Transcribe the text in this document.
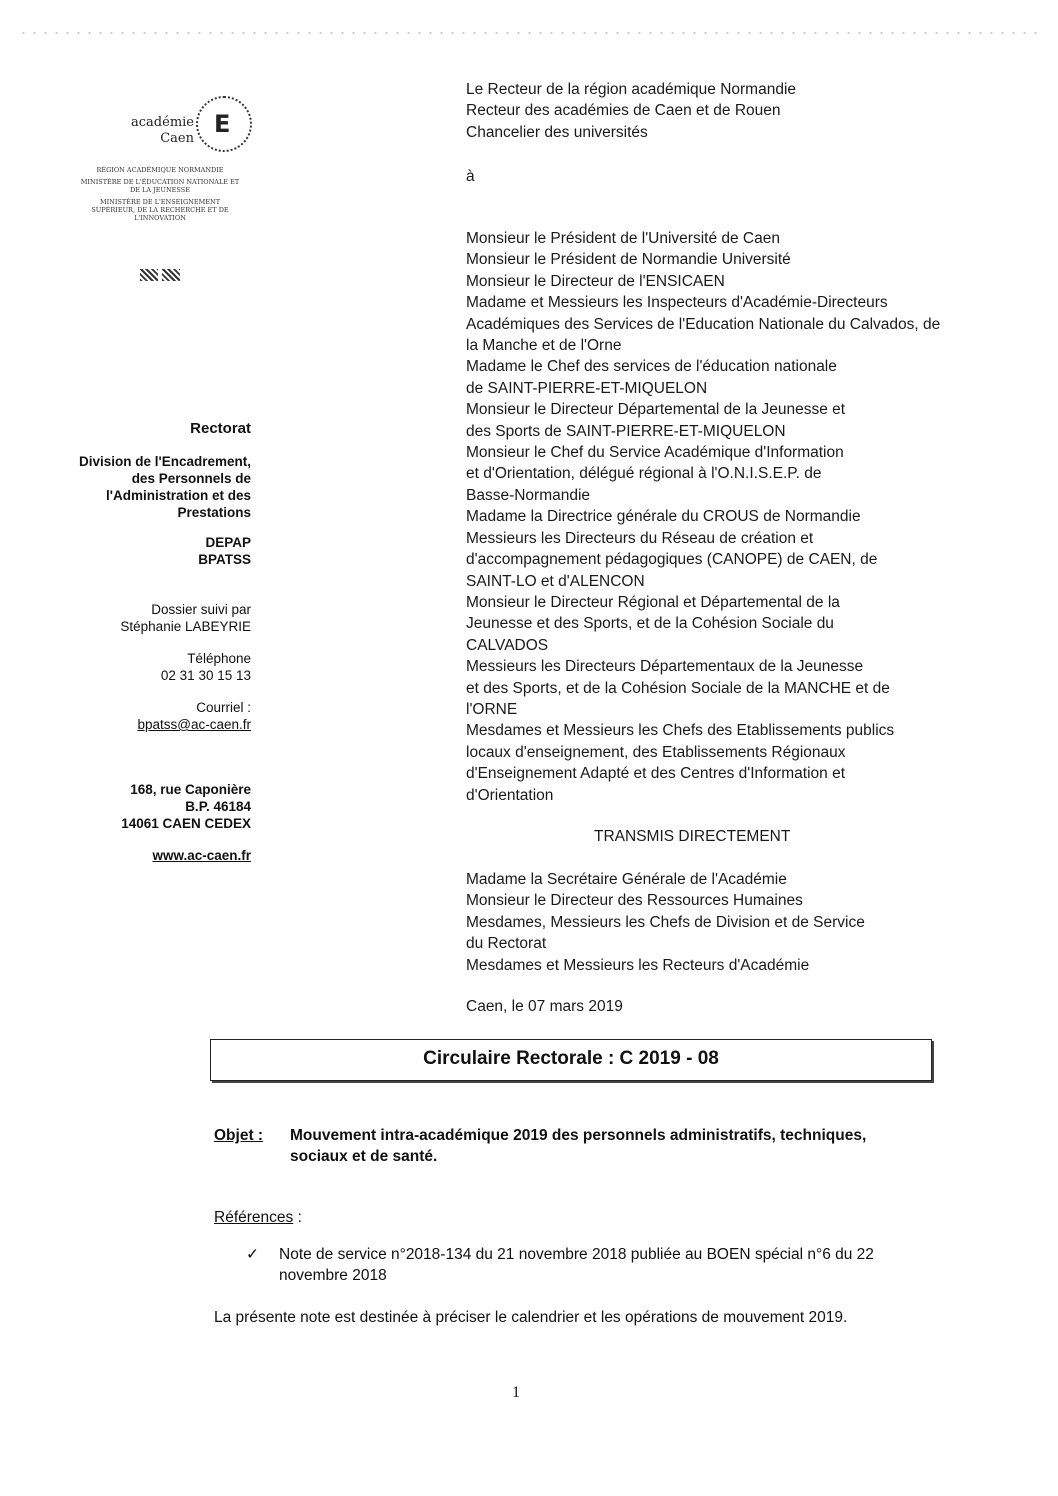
académie
Caen
E
RÉGION ACADÉMIQUE NORMANDIE
MINISTÈRE DE L'ÉDUCATION NATIONALE ET DE LA JEUNESSE
MINISTÈRE DE L'ENSEIGNEMENT SUPÉRIEUR, DE LA RECHERCHE ET DE L'INNOVATION
Rectorat
Division de l'Encadrement,
des Personnels de
l'Administration et des
Prestations
DEPAP
BPATSS
Dossier suivi par
Stéphanie LABEYRIE
Téléphone
02 31 30 15 13
Courriel :
bpatss@ac-caen.fr
168, rue Caponière
B.P. 46184
14061 CAEN CEDEX
www.ac-caen.fr
Le Recteur de la région académique Normandie
Recteur des académies de Caen et de Rouen
Chancelier des universités
à
Monsieur le Président de l'Université de Caen
Monsieur le Président de Normandie Université
Monsieur le Directeur de l'ENSICAEN
Madame et Messieurs les Inspecteurs d'Académie-Directeurs
Académiques des Services de l'Education Nationale du Calvados, de
la Manche et de l'Orne
Madame le Chef des services de l'éducation nationale
de SAINT-PIERRE-ET-MIQUELON
Monsieur le Directeur Départemental de la Jeunesse et
des Sports de SAINT-PIERRE-ET-MIQUELON
Monsieur le Chef du Service Académique d'Information
et d'Orientation, délégué régional à l'O.N.I.S.E.P. de
Basse-Normandie
Madame la Directrice générale du CROUS de Normandie
Messieurs les Directeurs du Réseau de création et
d'accompagnement pédagogiques (CANOPE) de CAEN, de
SAINT-LO et d'ALENCON
Monsieur le Directeur Régional et Départemental de la
Jeunesse et des Sports, et de la Cohésion Sociale du
CALVADOS
Messieurs les Directeurs Départementaux de la Jeunesse
et des Sports, et de la Cohésion Sociale de la MANCHE et de
l'ORNE
Mesdames et Messieurs les Chefs des Etablissements publics
locaux d'enseignement, des Etablissements Régionaux
d'Enseignement Adapté et des Centres d'Information et
d'Orientation
TRANSMIS DIRECTEMENT
Madame la Secrétaire Générale de l'Académie
Monsieur le Directeur des Ressources Humaines
Mesdames, Messieurs les Chefs de Division et de Service
du Rectorat
Mesdames et Messieurs les Recteurs d'Académie
Caen, le 07 mars 2019
Circulaire Rectorale : C 2019 - 08
Objet : Mouvement intra-académique 2019 des personnels administratifs, techniques,
sociaux et de santé.
Références :
✓ Note de service n°2018-134 du 21 novembre 2018 publiée au BOEN spécial n°6 du 22
novembre 2018
La présente note est destinée à préciser le calendrier et les opérations de mouvement 2019.
1
